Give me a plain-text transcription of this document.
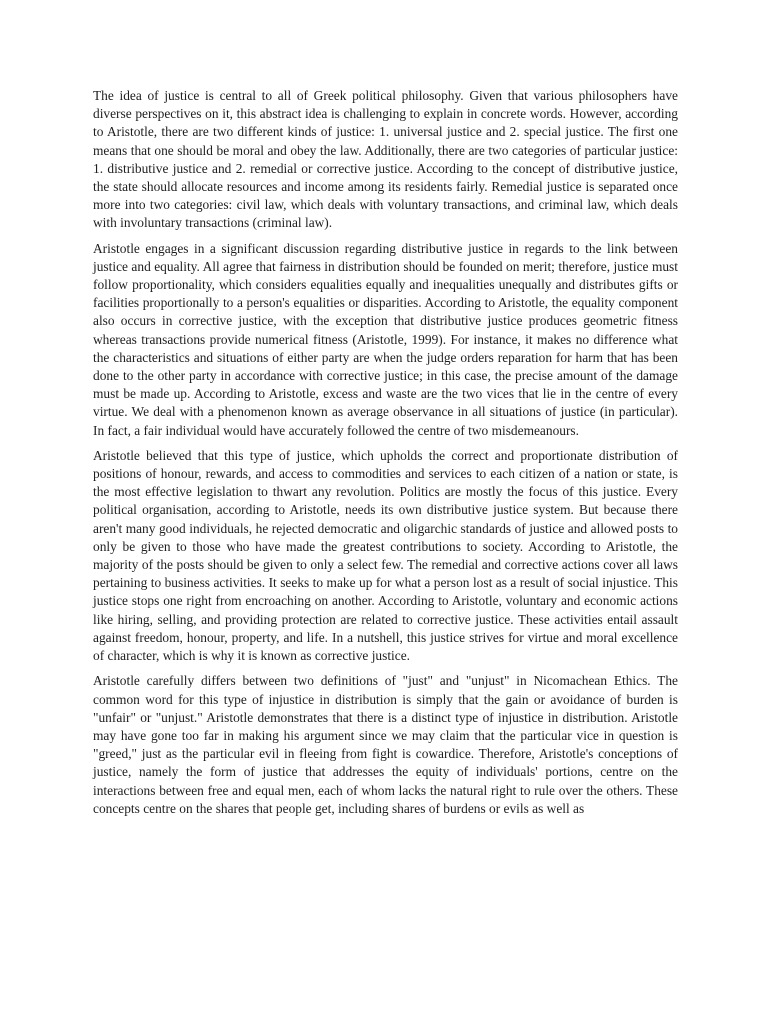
The idea of justice is central to all of Greek political philosophy. Given that various philosophers have diverse perspectives on it, this abstract idea is challenging to explain in concrete words. However, according to Aristotle, there are two different kinds of justice: 1. universal justice and 2. special justice. The first one means that one should be moral and obey the law. Additionally, there are two categories of particular justice: 1. distributive justice and 2. remedial or corrective justice. According to the concept of distributive justice, the state should allocate resources and income among its residents fairly. Remedial justice is separated once more into two categories: civil law, which deals with voluntary transactions, and criminal law, which deals with involuntary transactions (criminal law).

Aristotle engages in a significant discussion regarding distributive justice in regards to the link between justice and equality. All agree that fairness in distribution should be founded on merit; therefore, justice must follow proportionality, which considers equalities equally and inequalities unequally and distributes gifts or facilities proportionally to a person's equalities or disparities. According to Aristotle, the equality component also occurs in corrective justice, with the exception that distributive justice produces geometric fitness whereas transactions provide numerical fitness (Aristotle, 1999). For instance, it makes no difference what the characteristics and situations of either party are when the judge orders reparation for harm that has been done to the other party in accordance with corrective justice; in this case, the precise amount of the damage must be made up. According to Aristotle, excess and waste are the two vices that lie in the centre of every virtue. We deal with a phenomenon known as average observance in all situations of justice (in particular). In fact, a fair individual would have accurately followed the centre of two misdemeanours.

Aristotle believed that this type of justice, which upholds the correct and proportionate distribution of positions of honour, rewards, and access to commodities and services to each citizen of a nation or state, is the most effective legislation to thwart any revolution. Politics are mostly the focus of this justice. Every political organisation, according to Aristotle, needs its own distributive justice system. But because there aren't many good individuals, he rejected democratic and oligarchic standards of justice and allowed posts to only be given to those who have made the greatest contributions to society. According to Aristotle, the majority of the posts should be given to only a select few. The remedial and corrective actions cover all laws pertaining to business activities. It seeks to make up for what a person lost as a result of social injustice. This justice stops one right from encroaching on another. According to Aristotle, voluntary and economic actions like hiring, selling, and providing protection are related to corrective justice. These activities entail assault against freedom, honour, property, and life. In a nutshell, this justice strives for virtue and moral excellence of character, which is why it is known as corrective justice.

Aristotle carefully differs between two definitions of "just" and "unjust" in Nicomachean Ethics. The common word for this type of injustice in distribution is simply that the gain or avoidance of burden is "unfair" or "unjust." Aristotle demonstrates that there is a distinct type of injustice in distribution. Aristotle may have gone too far in making his argument since we may claim that the particular vice in question is "greed," just as the particular evil in fleeing from fight is cowardice. Therefore, Aristotle's conceptions of justice, namely the form of justice that addresses the equity of individuals' portions, centre on the interactions between free and equal men, each of whom lacks the natural right to rule over the others. These concepts centre on the shares that people get, including shares of burdens or evils as well as
